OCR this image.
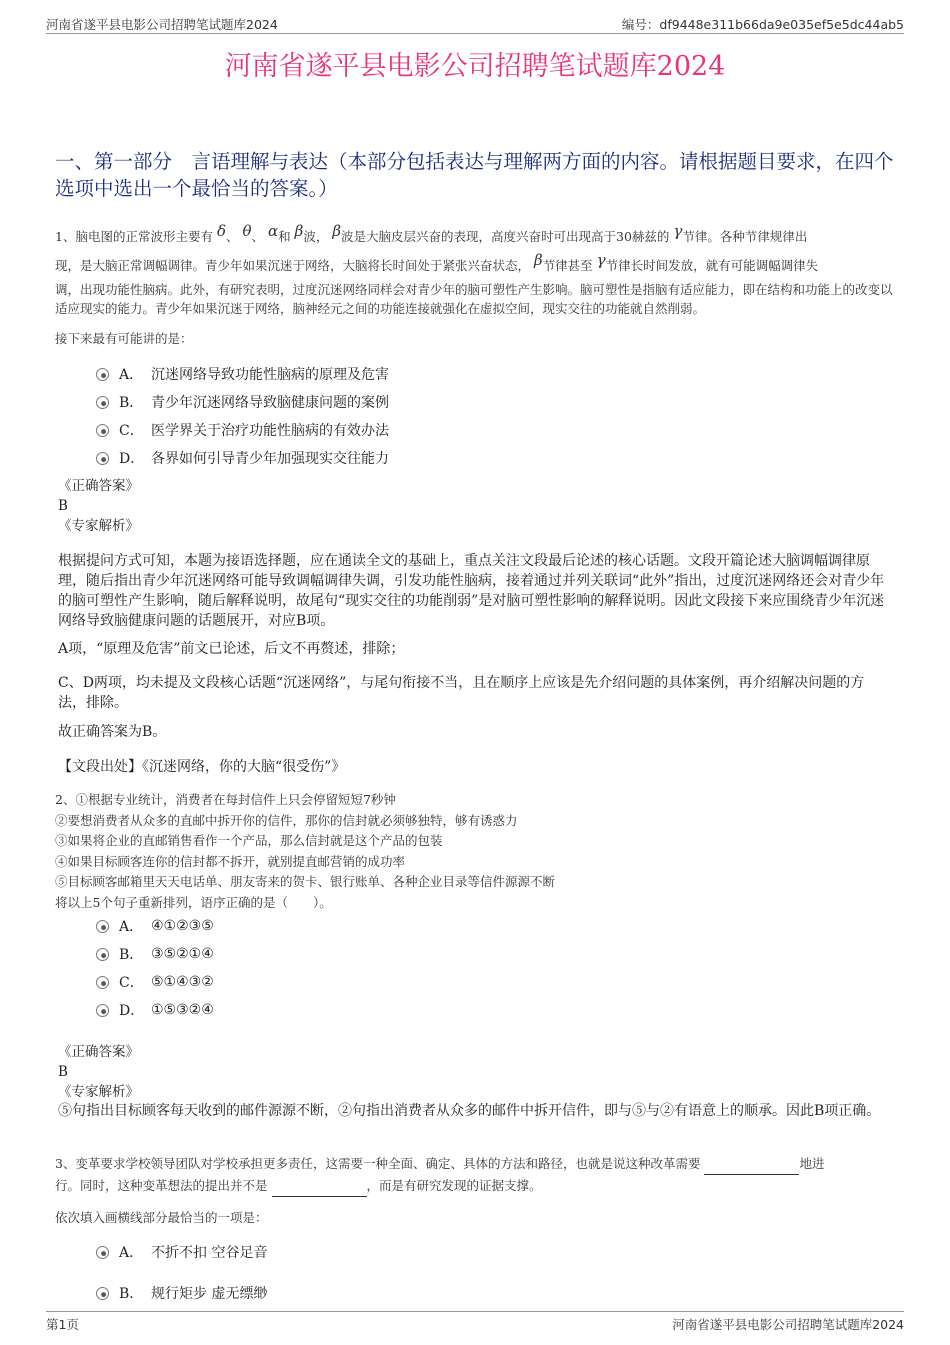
河南省遂平县电影公司招聘笔试题库2024	编号：df9448e311b66da9e035ef5e5dc44ab5
河南省遂平县电影公司招聘笔试题库2024
一、第一部分　言语理解与表达（本部分包括表达与理解两方面的内容。请根据题目要求，在四个选项中选出一个最恰当的答案。）
1、脑电图的正常波形主要有 δ、 θ、 α和 β波， β波是大脑皮层兴奋的表现，高度兴奋时可出现高于30赫兹的 γ节律。各种节律规律出
现，是大脑正常调幅调律。青少年如果沉迷于网络，大脑将长时间处于紧张兴奋状态， β节律甚至 γ节律长时间发放，就有可能调幅调律失
调，出现功能性脑病。此外，有研究表明，过度沉迷网络同样会对青少年的脑可塑性产生影响。脑可塑性是指脑有适应能力，即在结构和功能上的改变以适应现实的能力。青少年如果沉迷于网络，脑神经元之间的功能连接就强化在虚拟空间，现实交往的功能就自然削弱。
接下来最有可能讲的是：
A． 沉迷网络导致功能性脑病的原理及危害
B． 青少年沉迷网络导致脑健康问题的案例
C． 医学界关于治疗功能性脑病的有效办法
D． 各界如何引导青少年加强现实交往能力
《正确答案》
B
《专家解析》
根据提问方式可知，本题为接语选择题，应在通读全文的基础上，重点关注文段最后论述的核心话题。文段开篇论述大脑调幅调律原理，随后指出青少年沉迷网络可能导致调幅调律失调，引发功能性脑病，接着通过并列关联词“此外”指出，过度沉迷网络还会对青少年的脑可塑性产生影响，随后解释说明，故尾句“现实交往的功能削弱”是对脑可塑性影响的解释说明。因此文段接下来应围绕青少年沉迷网络导致脑健康问题的话题展开，对应B项。
A项，“原理及危害”前文已论述，后文不再赘述，排除；
C、D两项，均未提及文段核心话题“沉迷网络”，与尾句衔接不当，且在顺序上应该是先介绍问题的具体案例，再介绍解决问题的方法，排除。
故正确答案为B。
【文段出处】《沉迷网络，你的大脑“很受伤”》
2、①根据专业统计，消费者在每封信件上只会停留短短7秒钟
②要想消费者从众多的直邮中拆开你的信件，那你的信封就必须够独特，够有诱惑力
③如果将企业的直邮销售看作一个产品，那么信封就是这个产品的包装
④如果目标顾客连你的信封都不拆开，就别提直邮营销的成功率
⑤目标顾客邮箱里天天电话单、朋友寄来的贺卡、银行账单、各种企业目录等信件源源不断
将以上5个句子重新排列，语序正确的是（　　）。
A． ④①②③⑤
B． ③⑤②①④
C． ⑤①④③②
D． ①⑤③②④
《正确答案》
B
《专家解析》
⑤句指出目标顾客每天收到的邮件源源不断，②句指出消费者从众多的邮件中拆开信件，即与⑤与②有语意上的顺承。因此B项正确。
3、变革要求学校领导团队对学校承担更多责任，这需要一种全面、确定、具体的方法和路径，也就是说这种改革需要	地进
行。同时，这种变革想法的提出并不是	，而是有研究发现的证据支撑。
依次填入画横线部分最恰当的一项是：
A． 不折不扣 空谷足音
B． 规行矩步 虚无缥缈
第1页	河南省遂平县电影公司招聘笔试题库2024
